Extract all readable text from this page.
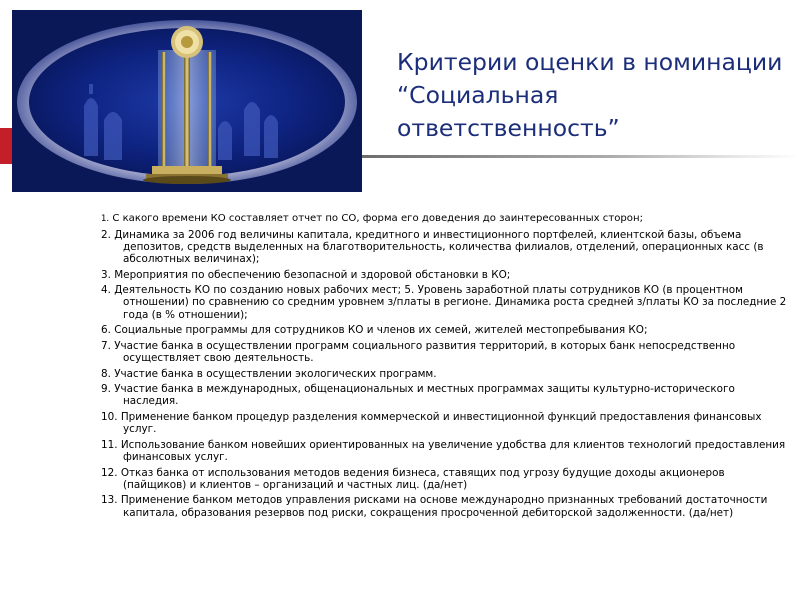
Критерии оценки в номинации “Социальная ответственность”
1. С какого времени КО составляет отчет по СО, форма его доведения до заинтересованных сторон;
2. Динамика за 2006 год величины капитала, кредитного и инвестиционного портфелей, клиентской базы, объема депозитов, средств выделенных на благотворительность, количества филиалов, отделений, операционных касс (в абсолютных величинах);
3. Мероприятия по обеспечению безопасной и здоровой обстановки в КО;
4. Деятельность КО по созданию новых рабочих мест; 5. Уровень заработной платы сотрудников КО (в процентном отношении) по сравнению со средним уровнем з/платы в регионе. Динамика роста средней з/платы КО за последние 2 года (в % отношении);
6. Социальные программы для сотрудников КО и членов их семей, жителей местопребывания КО;
7. Участие банка в осуществлении программ социального развития территорий, в которых банк непосредственно осуществляет свою деятельность.
8. Участие банка в осуществлении экологических программ.
9. Участие банка в международных, общенациональных и местных программах защиты культурно-исторического наследия.
10. Применение банком процедур разделения коммерческой и инвестиционной функций предоставления финансовых услуг.
11. Использование банком новейших ориентированных на увеличение удобства для клиентов технологий предоставления финансовых услуг.
12. Отказ банка от использования методов ведения бизнеса, ставящих под угрозу будущие доходы акционеров (пайщиков) и клиентов – организаций и частных лиц. (да/нет)
13. Применение банком методов управления рисками на основе международно признанных требований достаточности капитала, образования резервов под риски, сокращения просроченной дебиторской задолженности. (да/нет)
